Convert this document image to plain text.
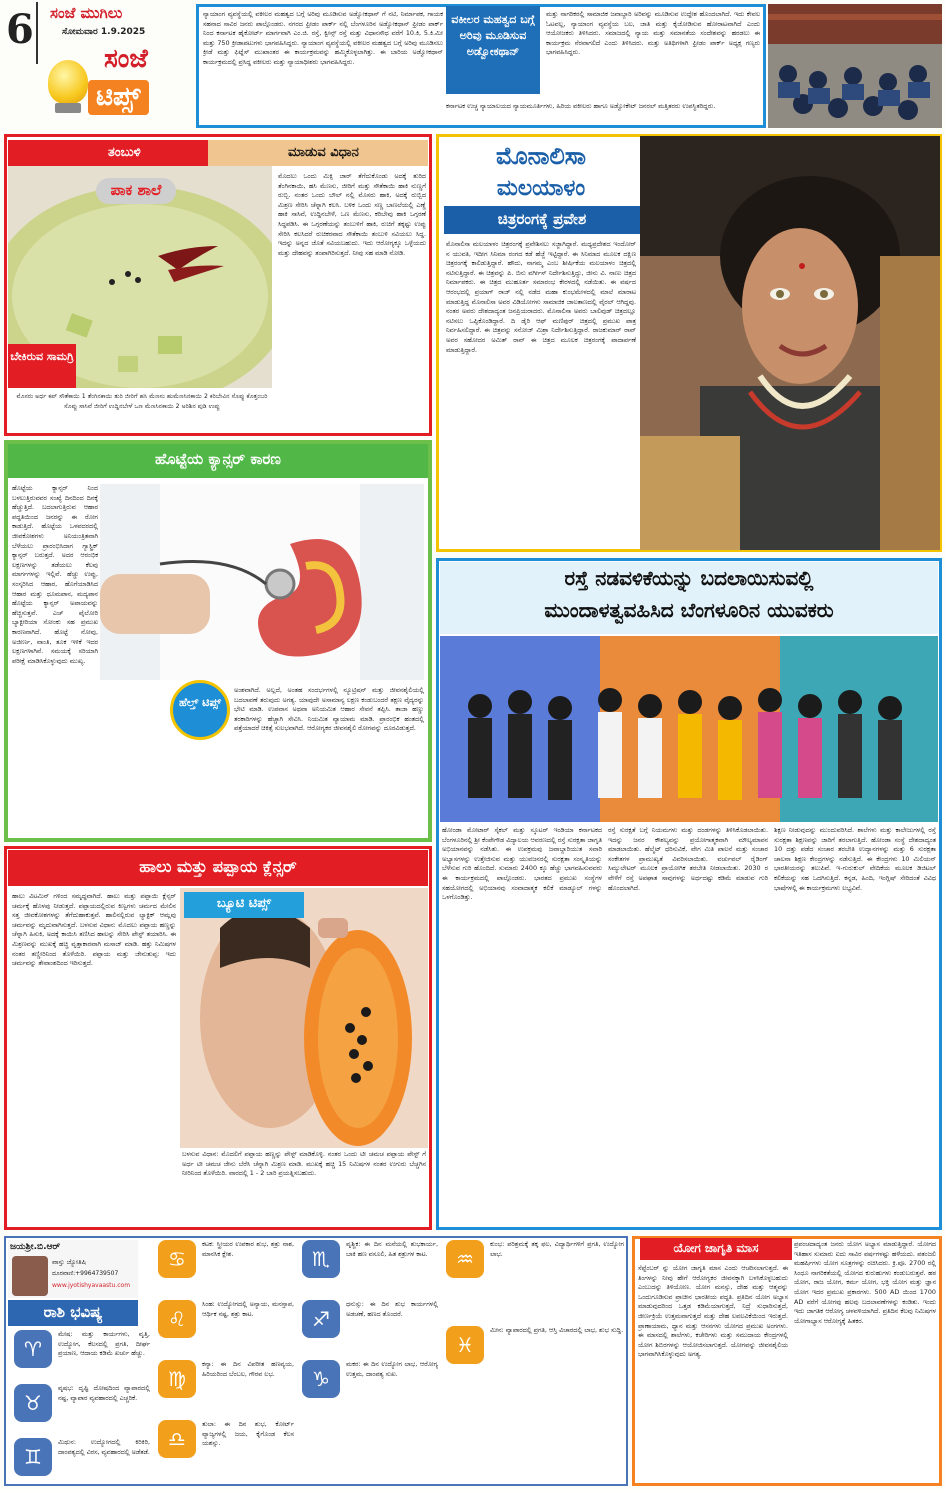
6	ಸಂಜೆ ಮುಗಿಲು
ಸೋಮವಾರ 1.9.2025
ಸಂಜೆ
ಟಿಪ್ಸ್
ನ್ಯಾಯಾಂಗ ವ್ಯವಸ್ಥೆಯಲ್ಲಿ ವಕೀಲರ ಮಹತ್ವದ ಬಗ್ಗೆ ಅರಿವು ಮೂಡಿಸುವ ಅಡ್ವೋಕಥಾನ್ ಗೆ ನಟಿ, ನಿರ್ಮಾಪಕ, ಗಾಯಕ ಸಹನಾದ ಸಾವಿರ ಜನರು ಪಾಲ್ಗೊಂಡರು. ನಗರದ ಫ್ರೀಡಂ ಪಾರ್ಕ್ ನಲ್ಲಿ ಬೆಂಗಳೂರಿನ ಅಡ್ವೋಕಥಾನ್ ಫ್ರೀಡಂ ಪಾರ್ಕ್ ನಿಂದ ಕರ್ನಾಟಕ ಹೈಕೋರ್ಟ್ ಮಾರ್ಗವಾಗಿ ಎಂ.ಜಿ. ರಸ್ತೆ, ಕ್ವೀನ್ಸ್ ರಸ್ತೆ ಮತ್ತು ವಿಧಾನಸೌಧ ವರೆಗೆ 10.ಕಿ, 5.ಕಿ.ಮೀ ಮತ್ತು 750 ಕ್ರೀಡಾಪಟುಗಳು ಭಾಗವಹಿಸಿದ್ದರು. ನ್ಯಾಯಾಂಗ ವ್ಯವಸ್ಥೆಯಲ್ಲಿ ವಕೀಲರ ಮಹತ್ವದ ಬಗ್ಗೆ ಅರಿವು ಮೂಡಿಸಲು ಕ್ರೀಡೆ ಮತ್ತು ಫಿಟ್ನೆಸ್ ಮುಖಾಂತರ ಈ ಕಾರ್ಯಕ್ರಮವನ್ನು ಹಮ್ಮಿಕೊಳ್ಳಲಾಗಿತ್ತು. ಈ ಬಾರಿಯ ಅಡ್ವೋಕಥಾನ್ ಕಾರ್ಯಕ್ರಮದಲ್ಲಿ ಪ್ರಸಿದ್ಧ ವಕೀಲರು ಮತ್ತು ನ್ಯಾಯಾಧೀಶರು ಭಾಗವಹಿಸಿದ್ದರು.
ವಕೀಲರ ಮಹತ್ವದ ಬಗ್ಗೆ ಅರಿವು ಮೂಡಿಸುವ ಅಡ್ವೋಕಥಾನ್
ಮತ್ತು ನಾಗರಿಕರಲ್ಲಿ ಸಾಮಾಜಿಕ ಜವಾಬ್ದಾರಿ ಅರಿವನ್ನು ಮೂಡಿಸುವ ಉದ್ದೇಶ ಹೊಂದಲಾಗಿದೆ. ಇದು ಕೇವಲ ಓಟವಲ್ಲ, ನ್ಯಾಯಾಂಗ ವ್ಯವಸ್ಥೆಯ ಬಲ, ಜಾತಿ ಮತ್ತು ಕೈಜೋಡಿಸುವ ಹೋರಾಟವಾಗಿದೆ ಎಂದು ಆಯೋಜಕರು ತಿಳಿಸಿದರು. ಸಮಾಜದಲ್ಲಿ ನ್ಯಾಯ ಮತ್ತು ಸಮಾನತೆಯ ಸಂದೇಶವನ್ನು ಹರಡಲು ಈ ಕಾರ್ಯಕ್ರಮ ನೆರವಾಗಲಿದೆ ಎಂದು ತಿಳಿಸಿದರು. ಮತ್ತು ಅತಿಥಿಗಳಾಗಿ ಫ್ರೀಡಂ ಪಾರ್ಕ್ ಅಧ್ಯಕ್ಷ ಗಣ್ಯರು ಭಾಗವಹಿಸಿದ್ದರು.
ಕರ್ನಾಟಕ ಉಚ್ಚ ನ್ಯಾಯಾಲಯದ ನ್ಯಾಯಮೂರ್ತಿಗಳು, ಹಿರಿಯ ವಕೀಲರು ಹಾಗೂ ಅಡ್ವೋಕೇಟ್ ಜನರಲ್ ಮತ್ತಿತರರು ಉಪಸ್ಥಿತರಿದ್ದರು.
ತಂಬುಳಿ	ಮಾಡುವ ವಿಧಾನ
ಪಾಕ ಶಾಲೆ
ಬೇಕಿರುವ ಸಾಮಗ್ರಿ
ಮೊಸರು ಅರ್ಧ ಕಪ್ ಸೌತೆಕಾಯಿ 1 ತೆಂಗಿನಕಾಯಿ ತುರಿ ಜೀರಿಗೆ ಹಸಿ ಮೆಣಸು ಹುಮೆಣಸಿನಕಾಯಿ 2 ಕರಿಬೇವಿನ ಸೊಪ್ಪು ಕೊತ್ತಂಬರಿ ಸೊಪ್ಪು ಸಾಸಿವೆ ಜೀರಿಗೆ ಉದ್ದಿನಬೇಳೆ ಒಣ ಮೆಣಸಿನಕಾಯಿ 2 ಅರಿಶಿನ ಪುಡಿ ಉಪ್ಪು
ಮೊದಲು ಒಂದು ಮಿಕ್ಸಿ ಜಾರ್ ತೆಗೆದುಕೊಂಡು ಅದಕ್ಕೆ ತುರಿದ ತೆಂಗಿನಕಾಯಿ, ಹಸಿ ಮೆಣಸು, ಜೀರಿಗೆ ಮತ್ತು ಸೌತೆಕಾಯಿ ಹಾಕಿ ನುಣ್ಣಗೆ ರುಬ್ಬಿ. ನಂತರ ಒಂದು ಬೌಲ್ ನಲ್ಲಿ ಮೊಸರು ಹಾಕಿ, ಅದಕ್ಕೆ ರುಬ್ಬಿದ ಮಿಶ್ರಣ ಸೇರಿಸಿ ಚೆನ್ನಾಗಿ ಕಲಸಿ. ಬಳಿಕ ಒಂದು ಸಣ್ಣ ಬಾಣಲೆಯಲ್ಲಿ ಎಣ್ಣೆ ಹಾಕಿ ಸಾಸಿವೆ, ಉದ್ದಿನಬೇಳೆ, ಒಣ ಮೆಣಸು, ಕರಿಬೇವು ಹಾಕಿ ಒಗ್ಗರಣೆ ಸಿದ್ಧಪಡಿಸಿ. ಈ ಒಗ್ಗರಣೆಯನ್ನು ತಂಬುಳಿಗೆ ಹಾಕಿ, ರುಚಿಗೆ ತಕ್ಕಷ್ಟು ಉಪ್ಪು ಸೇರಿಸಿ ಕಲಸಿದರೆ ರುಚಿಕರವಾದ ಸೌತೆಕಾಯಿ ತಂಬುಳಿ ಸವಿಯಲು ಸಿದ್ಧ. ಇದನ್ನು ಅನ್ನದ ಜೊತೆ ಸವಿಯಬಹುದು. ಇದು ಆರೋಗ್ಯಕ್ಕೂ ಒಳ್ಳೆಯದು ಮತ್ತು ದೇಹವನ್ನು ತಂಪಾಗಿರಿಸುತ್ತದೆ. ನೀವು ಸಹ ಮಾಡಿ ನೋಡಿ.
ಮೊನಾಲಿಸಾ
ಮಲಯಾಳಂ
ಚಿತ್ರರಂಗಕ್ಕೆ ಪ್ರವೇಶ
ಮೊನಾಲಿಸಾ ಮಲಯಾಳಂ ಚಿತ್ರರಂಗಕ್ಕೆ ಪ್ರವೇಶಿಸಲು ಸಜ್ಜಾಗಿದ್ದಾರೆ. ಮಧ್ಯಪ್ರದೇಶದ ಇಂದೋರ್ ನ ಯುವತಿ, ಇದೀಗ ಸಿನಿಮಾ ರಂಗದ ಕಡೆ ಹೆಜ್ಜೆ ಇಟ್ಟಿದ್ದಾರೆ. ಈ ಸಿನಿಮಾದ ಮೂಲಕ ದಕ್ಷಿಣ ಚಿತ್ರರಂಗಕ್ಕೆ ಕಾಲಿಡುತ್ತಿದ್ದಾರೆ. ಹೌದು, ನಾಗಮ್ಮ ಎಂಬ ಶೀರ್ಷಿಕೆಯ ಮಲಯಾಳಂ ಚಿತ್ರದಲ್ಲಿ ನಟಿಸುತ್ತಿದ್ದಾರೆ. ಈ ಚಿತ್ರವನ್ನು ಪಿ. ಬಿನು ವರ್ಗೀಸ್ ನಿರ್ದೇಶಿಸುತ್ತಿದ್ದು, ಜೀನು ವಿ. ನಾಣು ಚಿತ್ರದ ನಿರ್ಮಾಪಕರು. ಈ ಚಿತ್ರದ ಮುಹೂರ್ತ ಸಮಾರಂಭ ಕೇರಳದಲ್ಲಿ ನಡೆಯಿತು. ಈ ವರ್ಷದ ಆರಂಭದಲ್ಲಿ ಪ್ರಯಾಗ್ ರಾಜ್ ನಲ್ಲಿ ನಡೆದ ಮಹಾ ಕುಂಭಮೇಳದಲ್ಲಿ ಮಾಲೆ ಮಾರಾಟ ಮಾಡುತ್ತಿದ್ದ ಮೊನಾಲಿಸಾ ಅವರ ವಿಡಿಯೋಗಳು ಸಾಮಾಜಿಕ ಜಾಲತಾಣದಲ್ಲಿ ವೈರಲ್ ಆಗಿದ್ದವು. ನಂತರ ಅವರು ದೇಶದಾದ್ಯಂತ ಜನಪ್ರಿಯರಾದರು. ಮೊನಾಲಿಸಾ ಅವರು ಬಾಲಿವುಡ್ ಚಿತ್ರದಲ್ಲೂ ನಟಿಸಲು ಒಪ್ಪಿಕೊಂಡಿದ್ದಾರೆ. ದಿ ಡೈರಿ ಆಫ್ ಮಣಿಪುರ್ ಚಿತ್ರದಲ್ಲಿ ಪ್ರಮುಖ ಪಾತ್ರ ನಿರ್ವಹಿಸಲಿದ್ದಾರೆ. ಈ ಚಿತ್ರವನ್ನು ಸನೋಜ್ ಮಿಶ್ರಾ ನಿರ್ದೇಶಿಸುತ್ತಿದ್ದಾರೆ. ರಾಜಕುಮಾರ್ ರಾವ್ ಅವರ ಸಹೋದರ ಅಮಿತ್ ರಾವ್ ಈ ಚಿತ್ರದ ಮೂಲಕ ಚಿತ್ರರಂಗಕ್ಕೆ ಪಾದಾರ್ಪಣೆ ಮಾಡುತ್ತಿದ್ದಾರೆ.
ಹೊಟ್ಟೆಯ ಕ್ಯಾನ್ಸರ್ ಕಾರಣ
ಹೊಟ್ಟೆಯ ಕ್ಯಾನ್ಸರ್ ನಿಂದ ಬಳಲುತ್ತಿರುವವರ ಸಂಖ್ಯೆ ದಿನದಿಂದ ದಿನಕ್ಕೆ ಹೆಚ್ಚುತ್ತಿದೆ. ಬದಲಾಗುತ್ತಿರುವ ಆಹಾರ ಪದ್ಧತಿಯಿಂದ ಜನರನ್ನು ಈ ರೋಗ ಕಾಡುತ್ತಿದೆ. ಹೊಟ್ಟೆಯ ಒಳಪದರದಲ್ಲಿ ಜೀವಕೋಶಗಳು ಅನಿಯಂತ್ರಿತವಾಗಿ ಬೆಳೆಯಲು ಪ್ರಾರಂಭಿಸಿದಾಗ ಗ್ಯಾಸ್ಟ್ರಿಕ್ ಕ್ಯಾನ್ಸರ್ ಬರುತ್ತದೆ. ಅದರ ಆರಂಭಿಕ ಲಕ್ಷಣಗಳನ್ನು ತಡೆಯಲು ಕೆಲವು ಮಾರ್ಗಗಳನ್ನು ಇಲ್ಲಿವೆ. ಹೆಚ್ಚು ಉಪ್ಪು, ಸಂಸ್ಕರಿಸಿದ ಆಹಾರ, ಹೊಗೆಯಾಡಿಸಿದ ಆಹಾರ ಮತ್ತು ಧೂಮಪಾನ, ಮದ್ಯಪಾನ ಹೊಟ್ಟೆಯ ಕ್ಯಾನ್ಸರ್ ಅಪಾಯವನ್ನು ಹೆಚ್ಚಿಸುತ್ತವೆ. ಎಚ್ ಪೈಲೋರಿ ಬ್ಯಾಕ್ಟೀರಿಯಾ ಸೋಂಕು ಸಹ ಪ್ರಮುಖ ಕಾರಣವಾಗಿದೆ. ಹೊಟ್ಟೆ ನೋವು, ಅಜೀರ್ಣ, ವಾಂತಿ, ತೂಕ ಇಳಿಕೆ ಇದರ ಲಕ್ಷಣಗಳಾಗಿವೆ. ಸಮಯಕ್ಕೆ ಸರಿಯಾಗಿ ಪರೀಕ್ಷೆ ಮಾಡಿಸಿಕೊಳ್ಳುವುದು ಮುಖ್ಯ.
ಹೆಲ್ತ್ ಟಿಪ್ಸ್
ಅಂಶವಾಗಿದೆ. ಅಲ್ಲದೆ, ಅಂತಹ ಸಂದರ್ಭಗಳಲ್ಲಿ ನ್ಯೂಟ್ರಿಷನ್ ಮತ್ತು ಜೀವನಶೈಲಿಯಲ್ಲಿ ಬದಲಾವಣೆ ತರುವುದು ಅಗತ್ಯ. ಯಾವುದೇ ಅಸಾಮಾನ್ಯ ಲಕ್ಷಣ ಕಂಡುಬಂದರೆ ತಕ್ಷಣ ವೈದ್ಯರನ್ನು ಭೇಟಿ ಮಾಡಿ. ಉಪವಾಸ ಅಥವಾ ಅನಿಯಮಿತ ಆಹಾರ ಸೇವನೆ ತಪ್ಪಿಸಿ. ತಾಜಾ ಹಣ್ಣು ತರಕಾರಿಗಳನ್ನು ಹೆಚ್ಚಾಗಿ ಸೇವಿಸಿ. ನಿಯಮಿತ ವ್ಯಾಯಾಮ ಮಾಡಿ. ಪ್ರಾರಂಭಿಕ ಹಂತದಲ್ಲಿ ಪತ್ತೆಯಾದರೆ ಚಿಕಿತ್ಸೆ ಸುಲಭವಾಗಿದೆ. ಆರೋಗ್ಯಕರ ಜೀವನಶೈಲಿ ರೋಗವನ್ನು ದೂರವಿಡುತ್ತದೆ.
ರಸ್ತೆ ನಡವಳಿಕೆಯನ್ನು ಬದಲಾಯಿಸುವಲ್ಲಿ
ಮುಂದಾಳತ್ವವಹಿಸಿದ ಬೆಂಗಳೂರಿನ ಯುವಕರು
ಹೋಂಡಾ ಮೋಟಾರ್ ಸೈಕಲ್ ಮತ್ತು ಸ್ಕೂಟರ್ ಇಂಡಿಯಾ ಕರ್ನಾಟಕದ ಬೆಂಗಳೂರಿನಲ್ಲಿ ಶ್ರೀ ಕೆಂಪೇಗೌಡ ವಿದ್ಯಾಲಯ ಆವರಣದಲ್ಲಿ ರಸ್ತೆ ಸುರಕ್ಷತಾ ಜಾಗೃತಿ ಅಭಿಯಾನವನ್ನು ನಡೆಸಿತು. ಈ ಉಪಕ್ರಮವು ಜವಾಬ್ದಾರಿಯುತ ಸವಾರಿ ಅಭ್ಯಾಸಗಳನ್ನು ಉತ್ತೇಜಿಸುವ ಮತ್ತು ಯುವಜನರಲ್ಲಿ ಸುರಕ್ಷತಾ ಸಂಸ್ಕೃತಿಯನ್ನು ಬೆಳೆಸುವ ಗುರಿ ಹೊಂದಿದೆ. ಸುಮಾರು 2400 ಕ್ಕೂ ಹೆಚ್ಚು ಭಾಗವಹಿಸುವವರು ಈ ಕಾರ್ಯಕ್ರಮದಲ್ಲಿ ಪಾಲ್ಗೊಂಡರು. ಭಾರತದ ಪ್ರಮುಖ ಸಂಸ್ಥೆಗಳ ಸಹಯೋಗದಲ್ಲಿ ಅಭಿಯಾನವು ಸಂವಾದಾತ್ಮಕ ಕಲಿಕೆ ಮಾಡ್ಯೂಲ್ ಗಳನ್ನು ಒಳಗೊಂಡಿತ್ತು.
ರಸ್ತೆ ಸುರಕ್ಷತೆ ಬಗ್ಗೆ ನಿಯಮಗಳು ಮತ್ತು ದಂಡಗಳನ್ನು ತಿಳಿಸಿಕೊಡಲಾಯಿತು. ಇದನ್ನು ಜನರ ಕೌಶಲ್ಯವನ್ನು ಪ್ರಯೋಗಾತ್ಮಕವಾಗಿ ಮೌಲ್ಯಮಾಪನ ಮಾಡಲಾಯಿತು. ಹೆಲ್ಮೆಟ್ ಧರಿಸುವಿಕೆ, ವೇಗ ಮಿತಿ ಪಾಲನೆ ಮತ್ತು ಸಂಚಾರ ಸಂಕೇತಗಳ ಪ್ರಾಮುಖ್ಯತೆ ವಿವರಿಸಲಾಯಿತು. ವರ್ಚುವಲ್ ರೈಡಿಂಗ್ ಸಿಮ್ಯುಲೇಟರ್ ಮೂಲಕ ಪ್ರಾಯೋಗಿಕ ತರಬೇತಿ ನೀಡಲಾಯಿತು. 2030 ರ ವೇಳೆಗೆ ರಸ್ತೆ ಅಪಘಾತ ಸಾವುಗಳನ್ನು ಅರ್ಧದಷ್ಟು ಕಡಿಮೆ ಮಾಡುವ ಗುರಿ ಹೊಂದಲಾಗಿದೆ.
ಶಿಕ್ಷಣ ನೀಡುವುದನ್ನು ಮುಂದುವರಿಸಿದೆ. ಶಾಲೆಗಳು ಮತ್ತು ಕಾಲೇಜುಗಳಲ್ಲಿ ರಸ್ತೆ ಸುರಕ್ಷತಾ ಶಿಕ್ಷಣವನ್ನು ಜಾರಿಗೆ ತರಲಾಗುತ್ತಿದೆ. ಹೋಂಡಾ ಸಂಸ್ಥೆ ದೇಶದಾದ್ಯಂತ 10 ದತ್ತು ಪಡೆದ ಸಂಚಾರ ತರಬೇತಿ ಉದ್ಯಾನಗಳನ್ನು ಮತ್ತು 6 ಸುರಕ್ಷತಾ ಚಾಲನಾ ಶಿಕ್ಷಣ ಕೇಂದ್ರಗಳನ್ನು ನಡೆಸುತ್ತಿದೆ. ಈ ಕೇಂದ್ರಗಳು 10 ಮಿಲಿಯನ್ ಭಾರತೀಯರನ್ನು ತಲುಪಿವೆ. ಇ-ಗುರುಕುಲ್ ವೇದಿಕೆಯ ಮೂಲಕ ಡಿಜಿಟಲ್ ಕಲಿಕೆಯನ್ನು ಸಹ ಒದಗಿಸುತ್ತಿದೆ. ಕನ್ನಡ, ಹಿಂದಿ, ಇಂಗ್ಲಿಷ್ ಸೇರಿದಂತೆ ವಿವಿಧ ಭಾಷೆಗಳಲ್ಲಿ ಈ ಕಾರ್ಯಕ್ರಮಗಳು ಲಭ್ಯವಿವೆ.
ಹಾಲು ಮತ್ತು ಪಪ್ಪಾಯ ಕ್ಲೆನ್ಸರ್
ಬ್ಯೂಟಿ ಟಿಪ್ಸ್
ಹಾಲು ವಿಟಮಿನ್ ಗಳಿಂದ ಸಮೃದ್ಧವಾಗಿದೆ. ಹಾಲು ಮತ್ತು ಪಪ್ಪಾಯಿ ಕ್ಲೆನ್ಸರ್ ಚರ್ಮಕ್ಕೆ ಹೊಳಪು ನೀಡುತ್ತದೆ. ಪಪ್ಪಾಯದಲ್ಲಿರುವ ಕಿಣ್ವಗಳು ಚರ್ಮದ ಮೇಲಿನ ಸತ್ತ ಜೀವಕೋಶಗಳನ್ನು ತೆಗೆದುಹಾಕುತ್ತವೆ. ಹಾಲಿನಲ್ಲಿರುವ ಲ್ಯಾಕ್ಟಿಕ್ ಆಮ್ಲವು ಚರ್ಮವನ್ನು ಮೃದುವಾಗಿಸುತ್ತದೆ. ಬಳಸುವ ವಿಧಾನ: ಮೊದಲು ಪಪ್ಪಾಯ ಹಣ್ಣನ್ನು ಚೆನ್ನಾಗಿ ಹಿಸುಕಿ, ಅದಕ್ಕೆ ಕಾಯಿಸಿ ತಣಿಸಿದ ಹಾಲನ್ನು ಸೇರಿಸಿ ಪೇಸ್ಟ್ ತಯಾರಿಸಿ. ಈ ಮಿಶ್ರಣವನ್ನು ಮುಖಕ್ಕೆ ಹಚ್ಚಿ ವೃತ್ತಾಕಾರವಾಗಿ ಮಸಾಜ್ ಮಾಡಿ. ಹತ್ತು ನಿಮಿಷಗಳ ನಂತರ ತಣ್ಣೀರಿನಿಂದ ತೊಳೆಯಿರಿ. ಪಪ್ಪಾಯ ಮತ್ತು ಜೇನುತುಪ್ಪ: ಇದು ಚರ್ಮವನ್ನು ತೇವಾಂಶದಿಂದ ಇರಿಸುತ್ತದೆ.
ಬಳಸುವ ವಿಧಾನ: ಮೊದಲಿಗೆ ಪಪ್ಪಾಯ ಹಣ್ಣನ್ನು ಪೇಸ್ಟ್ ಮಾಡಿಕೊಳ್ಳಿ. ನಂತರ ಒಂದು ಟೀ ಚಮಚ ಪಪ್ಪಾಯ ಪೇಸ್ಟ್ ಗೆ ಅರ್ಧ ಟೀ ಚಮಚ ಜೇನು ಬೆರೆಸಿ ಚೆನ್ನಾಗಿ ಮಿಶ್ರಣ ಮಾಡಿ. ಮುಖಕ್ಕೆ ಹಚ್ಚಿ 15 ನಿಮಿಷಗಳ ನಂತರ ಉಗುರು ಬೆಚ್ಚಗಿನ ನೀರಿನಿಂದ ತೊಳೆಯಿರಿ. ವಾರದಲ್ಲಿ 1 - 2 ಬಾರಿ ಪ್ರಯತ್ನಿಸಬಹುದು.
ಜಯಶ್ರೀ.ಬಿ.ಆರ್
ವಾಸ್ತು ಜ್ಯೋತಿಷಿ
ದೂರವಾಣಿ:+9964739507
www.jyotishyavaastu.com
ರಾಶಿ ಭವಿಷ್ಯ
♈
ಮೇಷ: ಮತ್ತು ಕಾರ್ಯಗಳು, ವೃತ್ತಿ, ಉದ್ಯೋಗ, ಕೆಲಸದಲ್ಲಿ ಪ್ರಗತಿ, ದೀರ್ಘ ಪ್ರಯಾಣ, ಆದಾಯ ಕಡಿಮೆ ಖರ್ಚು ಹೆಚ್ಚು.
♉
ವೃಷಭ: ದೃಷ್ಟಿ ದೋಷದಿಂದ ವ್ಯಾಪಾರದಲ್ಲಿ ನಷ್ಟ, ವ್ಯಾಪಾರ ವ್ಯವಹಾರದಲ್ಲಿ ಎಚ್ಚರಿಕೆ.
♊
ಮಿಥುನ: ಉದ್ಯೋಗದಲ್ಲಿ ಕಿರಿಕಿರಿ, ದಾಂಪತ್ಯದಲ್ಲಿ ವಿರಸ, ವ್ಯವಹಾರದಲ್ಲಿ ಅಡೆತಡೆ.
♋
ಕಟಕ: ಸ್ತ್ರೀಯರ ಉಪಕಾರ ಶುಭ, ಶತ್ರು ನಾಶ, ಮಾನಸಿಕ ಕ್ಲೇಶ.
♌
ಸಿಂಹ: ಉದ್ಯೋಗದಲ್ಲಿ ಅನ್ಯಾಯ, ಮನಸ್ತಾಪ, ಆರ್ಥಿಕ ನಷ್ಟ, ಶತ್ರು ಕಾಟ.
♍
ಕನ್ಯಾ: ಈ ದಿನ ವಿಪರೀತ ಹಣವ್ಯಯ, ಹಿರಿಯರಿಂದ ಬೆಂಬಲ, ಗೌರವ ಲಭ.
♎
ತುಲಾ: ಈ ದಿನ ಶುಭ, ಕೋರ್ಟ್ ವ್ಯಾಜ್ಯಗಳಲ್ಲಿ ಜಯ, ಕೈಗೊಂಡ ಕೆಲಸ ಯಶಸ್ಸು.
♏
ವೃಶ್ಚಿಕ: ಈ ದಿನ ಮನೆಯಲ್ಲಿ ಶುಭಕಾರ್ಯ, ಬಾಕಿ ಹಣ ವಸೂಲಿ, ಹಿತ ಶತ್ರುಗಳ ಕಾಟ.
♐
ಧನುಸ್ಸು: ಈ ದಿನ ಶುಭ ಕಾರ್ಯಗಳಲ್ಲಿ ಅಡಚಣೆ, ಹಣದ ತೊಂದರೆ.
♑
ಮಕರ: ಈ ದಿನ ಉದ್ಯೋಗ ಲಾಭ, ಆರೋಗ್ಯ ಉತ್ತಮ, ದಾಂಪತ್ಯ ಸುಖ.
♒
ಕುಂಭ: ಪರಿಶ್ರಮಕ್ಕೆ ತಕ್ಕ ಫಲ, ವಿದ್ಯಾರ್ಥಿಗಳಿಗೆ ಪ್ರಗತಿ, ಉದ್ಯೋಗ ಲಾಭ.
♓
ಮೀನ: ವ್ಯಾಪಾರದಲ್ಲಿ ಪ್ರಗತಿ, ಆಸ್ತಿ ವಿಚಾರದಲ್ಲಿ ಲಾಭ, ಶುಭ ಸುದ್ದಿ.
ಯೋಗ ಜಾಗೃತಿ ಮಾಸ
ಸೆಪ್ಟೆಂಬರ್ ನ್ನು ಯೋಗ ಜಾಗೃತಿ ಮಾಸ ಎಂದು ಆಚರಿಸಲಾಗುತ್ತದೆ. ಈ ತಿಂಗಳನ್ನು ನೀವು ಹೇಗೆ ಆರೋಗ್ಯಕರ ಜೀವನಕ್ಕಾಗಿ ಬಳಸಿಕೊಳ್ಳಬಹುದು ಎಂಬುದನ್ನು ತಿಳಿಯೋಣ. ಯೋಗ ಮನಸ್ಸು, ದೇಹ ಮತ್ತು ಆತ್ಮವನ್ನು ಒಂದುಗೂಡಿಸುವ ಪ್ರಾಚೀನ ಭಾರತೀಯ ಪದ್ಧತಿ. ಪ್ರತಿದಿನ ಯೋಗ ಅಭ್ಯಾಸ ಮಾಡುವುದರಿಂದ ಒತ್ತಡ ಕಡಿಮೆಯಾಗುತ್ತದೆ, ನಿದ್ರೆ ಸುಧಾರಿಸುತ್ತದೆ, ಜೀರ್ಣಕ್ರಿಯೆ ಉತ್ತಮವಾಗುತ್ತದೆ ಮತ್ತು ದೇಹ ಲವಲವಿಕೆಯಿಂದ ಇರುತ್ತದೆ. ಪ್ರಾಣಾಯಾಮ, ಧ್ಯಾನ ಮತ್ತು ಆಸನಗಳು ಯೋಗದ ಪ್ರಮುಖ ಅಂಗಗಳು. ಈ ಮಾಸದಲ್ಲಿ ಶಾಲೆಗಳು, ಕಚೇರಿಗಳು ಮತ್ತು ಸಮುದಾಯ ಕೇಂದ್ರಗಳಲ್ಲಿ ಯೋಗ ಶಿಬಿರಗಳನ್ನು ಆಯೋಜಿಸಲಾಗುತ್ತದೆ. ಯೋಗವನ್ನು ಜೀವನಶೈಲಿಯ ಭಾಗವಾಗಿಸಿಕೊಳ್ಳುವುದು ಅಗತ್ಯ.
ಪ್ರಪಂಚದಾದ್ಯಂತ ಜನರು ಯೋಗ ಅಭ್ಯಾಸ ಮಾಡುತ್ತಿದ್ದಾರೆ. ಯೋಗದ ಇತಿಹಾಸ ಸುಮಾರು ಐದು ಸಾವಿರ ವರ್ಷಗಳಷ್ಟು ಹಳೆಯದು. ಪತಂಜಲಿ ಮಹರ್ಷಿಗಳು ಯೋಗ ಸೂತ್ರಗಳನ್ನು ರಚಿಸಿದರು. ಕ್ರಿ.ಪೂ. 2700 ರಲ್ಲಿ ಸಿಂಧೂ ನಾಗರಿಕತೆಯಲ್ಲಿ ಯೋಗದ ಕುರುಹುಗಳು ಕಂಡುಬರುತ್ತವೆ. ಹಠ ಯೋಗ, ರಾಜ ಯೋಗ, ಕರ್ಮ ಯೋಗ, ಭಕ್ತಿ ಯೋಗ ಮತ್ತು ಜ್ಞಾನ ಯೋಗ ಇದರ ಪ್ರಮುಖ ಪ್ರಕಾರಗಳು. 500 AD ಯಿಂದ 1700 AD ವರೆಗೆ ಯೋಗವು ಹಲವು ಬದಲಾವಣೆಗಳನ್ನು ಕಂಡಿತು. ಇಂದು ಇದು ಜಾಗತಿಕ ಆರೋಗ್ಯ ಚಳವಳಿಯಾಗಿದೆ. ಪ್ರತಿದಿನ ಕೆಲವು ನಿಮಿಷಗಳ ಯೋಗಾಭ್ಯಾಸ ಆರೋಗ್ಯಕ್ಕೆ ಹಿತಕರ.
